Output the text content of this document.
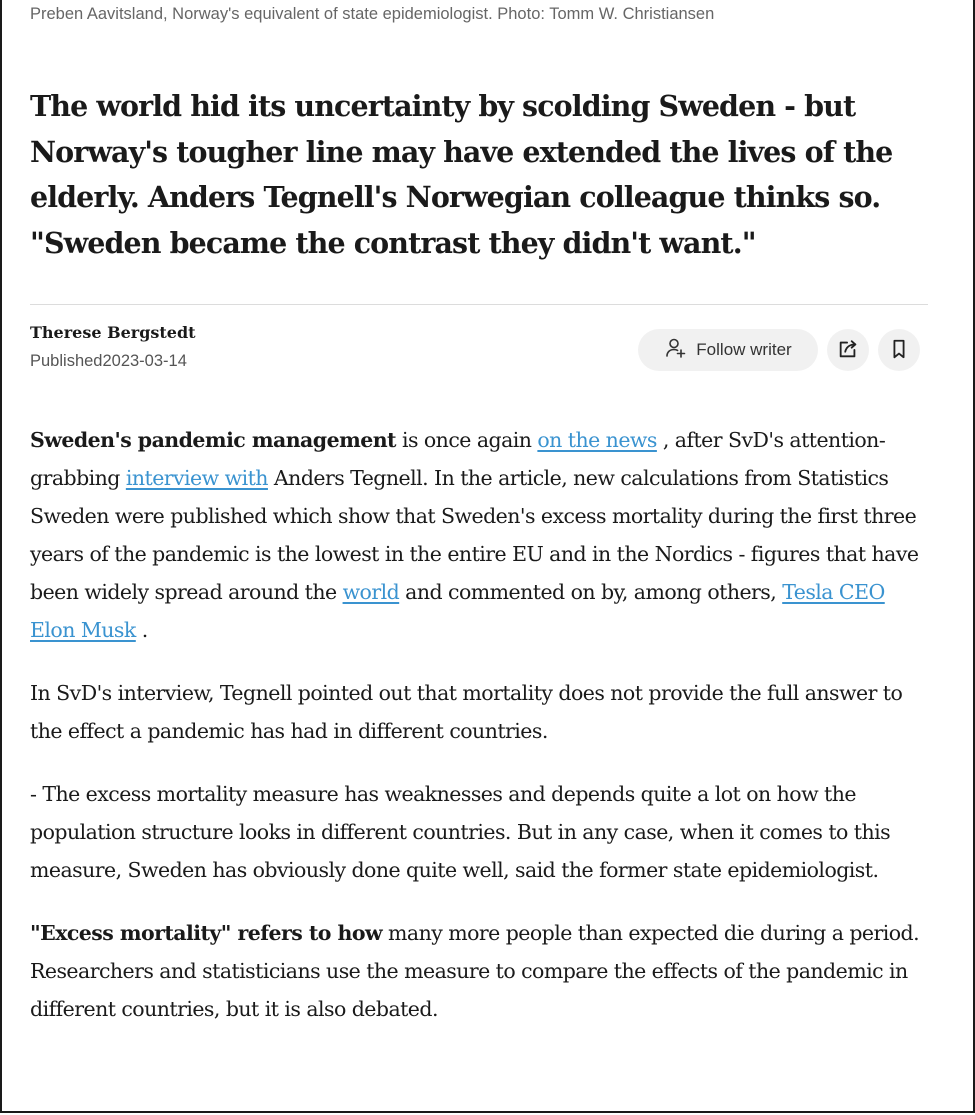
Preben Aavitsland, Norway's equivalent of state epidemiologist. Photo: Tomm W. Christiansen
The world hid its uncertainty by scolding Sweden - but Norway's tougher line may have extended the lives of the elderly. Anders Tegnell's Norwegian colleague thinks so. "Sweden became the contrast they didn't want."
Therese Bergstedt
Published2023-03-14
Follow writer

Sweden's pandemic management is once again on the news , after SvD's attention-grabbing interview with Anders Tegnell. In the article, new calculations from Statistics Sweden were published which show that Sweden's excess mortality during the first three years of the pandemic is the lowest in the entire EU and in the Nordics - figures that have been widely spread around the world and commented on by, among others, Tesla CEO Elon Musk .

In SvD's interview, Tegnell pointed out that mortality does not provide the full answer to the effect a pandemic has had in different countries.

- The excess mortality measure has weaknesses and depends quite a lot on how the population structure looks in different countries. But in any case, when it comes to this measure, Sweden has obviously done quite well, said the former state epidemiologist.

"Excess mortality" refers to how many more people than expected die during a period. Researchers and statisticians use the measure to compare the effects of the pandemic in different countries, but it is also debated.
